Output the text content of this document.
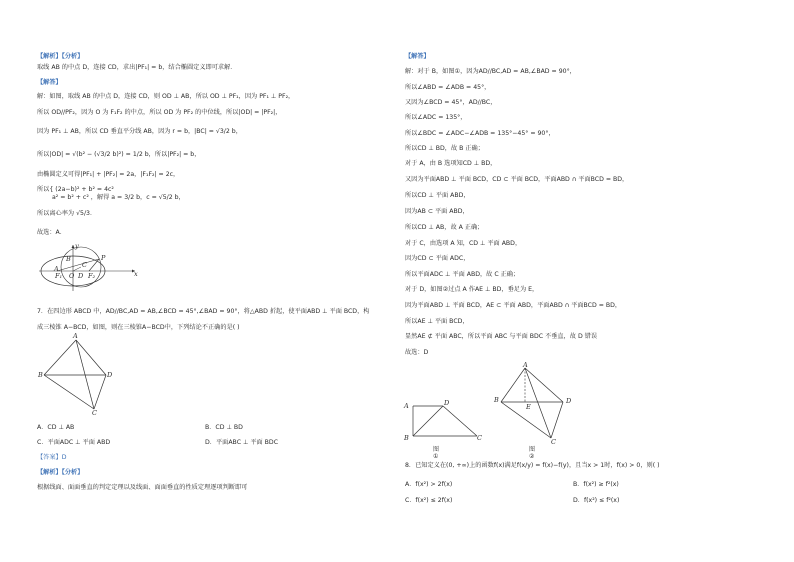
【解析】【分析】
取线 AB 的中点 D，连接 CD，求出|PF₁| = b，结合椭圆定义即可求解．
【解答】
解：如图，取线 AB 的中点 D，连接 CD，则 OD ⊥ AB，所以 OD ⊥ PF₁，因为 PF₁ ⊥ PF₂，
所以 OD//PF₂，因为 O 为 F₁F₂ 的中点，所以 OD 为 PF₂ 的中位线，所以|OD| = |PF₂|，
因为 PF₁ ⊥ AB，所以 CD 垂直平分线 AB，因为 r = b，|BC| = √3/2 b，
所以|OD| = √(b² − (√3/2 b)²) = 1/2 b，所以|PF₂| = b，
由椭圆定义可得|PF₁| + |PF₂| = 2a，|F₁F₂| = 2c，
所以{ (2a−b)² + b² = 4c²
a² = b² + c² ，解得 a = 3/2 b，c = √5/2 b，
所以离心率为 √5/3．
故选：A．
A
B
C
D
F₁	F₂
O
P
x
y
7．在四边形 ABCD 中，AD//BC,AD = AB,∠BCD = 45°,∠BAD = 90°，将△ABD 折起，使平面ABD ⊥ 平面 BCD，构
成三棱锥 A−BCD，如图，则在三棱锥A−BCD中，下列结论不正确的是( )
A
B
C
D
A．CD ⊥ AB	B．CD ⊥ BD
C．平面ADC ⊥ 平面 ABD	D．平面ABC ⊥ 平面 BDC
【答案】D
【解析】【分析】
根据线面、面面垂直的判定定理以及线面、面面垂直的性质定理逐项判断即可
【解答】
解：对于 B，如图①，因为AD//BC,AD = AB,∠BAD = 90°，
所以∠ABD = ∠ADB = 45°，
又因为∠BCD = 45°，AD//BC，
所以∠ADC = 135°，
所以∠BDC = ∠ADC−∠ADB = 135°−45° = 90°，
所以CD ⊥ BD，故 B 正确；
对于 A，由 B 选项知CD ⊥ BD，
又因为平面ABD ⊥ 平面 BCD，CD ⊂ 平面 BCD，平面ABD ∩ 平面BCD = BD，
所以CD ⊥ 平面 ABD，
因为AB ⊂ 平面 ABD，
所以CD ⊥ AB，故 A 正确；
对于 C，由选项 A 知，CD ⊥ 平面 ABD，
因为CD ⊂ 平面 ADC，
所以平面ADC ⊥ 平面 ABD，故 C 正确；
对于 D，如图②过点 A 作AE ⊥ BD，垂足为 E，
因为平面ABD ⊥ 平面 BCD，AE ⊂ 平面 ABD，平面ABD ∩ 平面BCD = BD，
所以AE ⊥ 平面 BCD，
显然AE ⊄ 平面 ABC，所以平面 ABC 与平面 BDC 不垂直，故 D 错误
故选：D
A
B	C
D
图①
A
B
C
D
E
图②
8．已知定义在(0, +∞)上的函数f(x)满足f(x/y) = f(x)−f(y)，且当x > 1时，f(x) > 0，则( )
A．f(x²) > 2f(x)	B．f(x²) ≥ f²(x)
C．f(x²) ≤ 2f(x)	D．f(x²) ≤ f²(x)
